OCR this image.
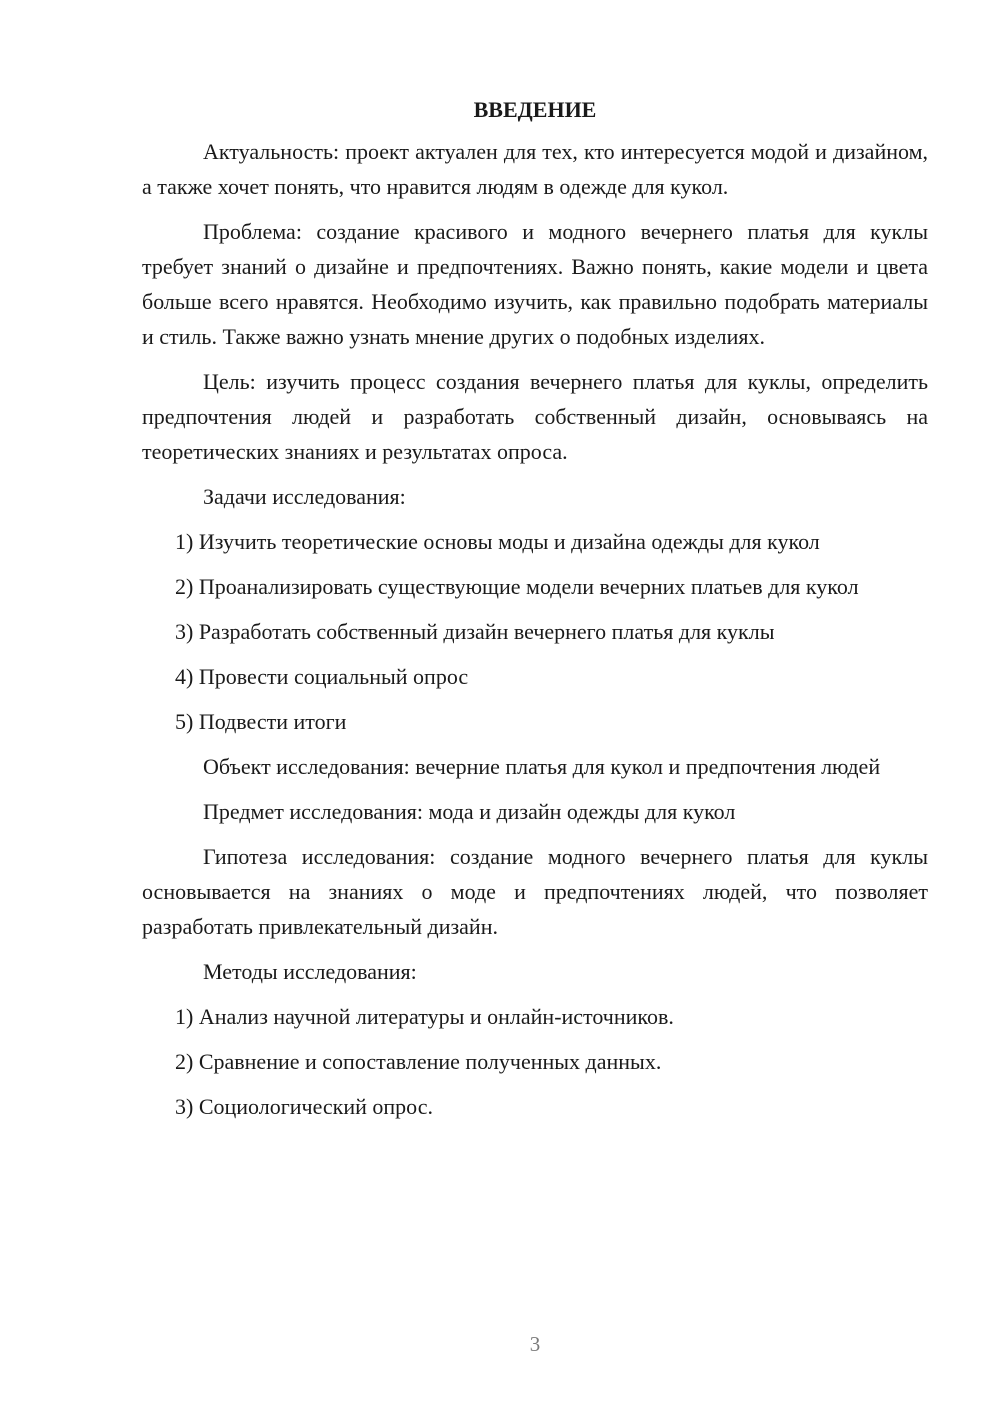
ВВЕДЕНИЕ

Актуальность: проект актуален для тех, кто интересуется модой и дизайном, а также хочет понять, что нравится людям в одежде для кукол.

Проблема: создание красивого и модного вечернего платья для куклы требует знаний о дизайне и предпочтениях. Важно понять, какие модели и цвета больше всего нравятся. Необходимо изучить, как правильно подобрать материалы и стиль. Также важно узнать мнение других о подобных изделиях.

Цель: изучить процесс создания вечернего платья для куклы, определить предпочтения людей и разработать собственный дизайн, основываясь на теоретических знаниях и результатах опроса.

Задачи исследования:

1) Изучить теоретические основы моды и дизайна одежды для кукол

2) Проанализировать существующие модели вечерних платьев для кукол

3) Разработать собственный дизайн вечернего платья для куклы

4) Провести социальный опрос

5) Подвести итоги

Объект исследования: вечерние платья для кукол и предпочтения людей

Предмет исследования: мода и дизайн одежды для кукол

Гипотеза исследования: создание модного вечернего платья для куклы основывается на знаниях о моде и предпочтениях людей, что позволяет разработать привлекательный дизайн.

Методы исследования:

1) Анализ научной литературы и онлайн-источников.

2) Сравнение и сопоставление полученных данных.

3) Социологический опрос.

3
